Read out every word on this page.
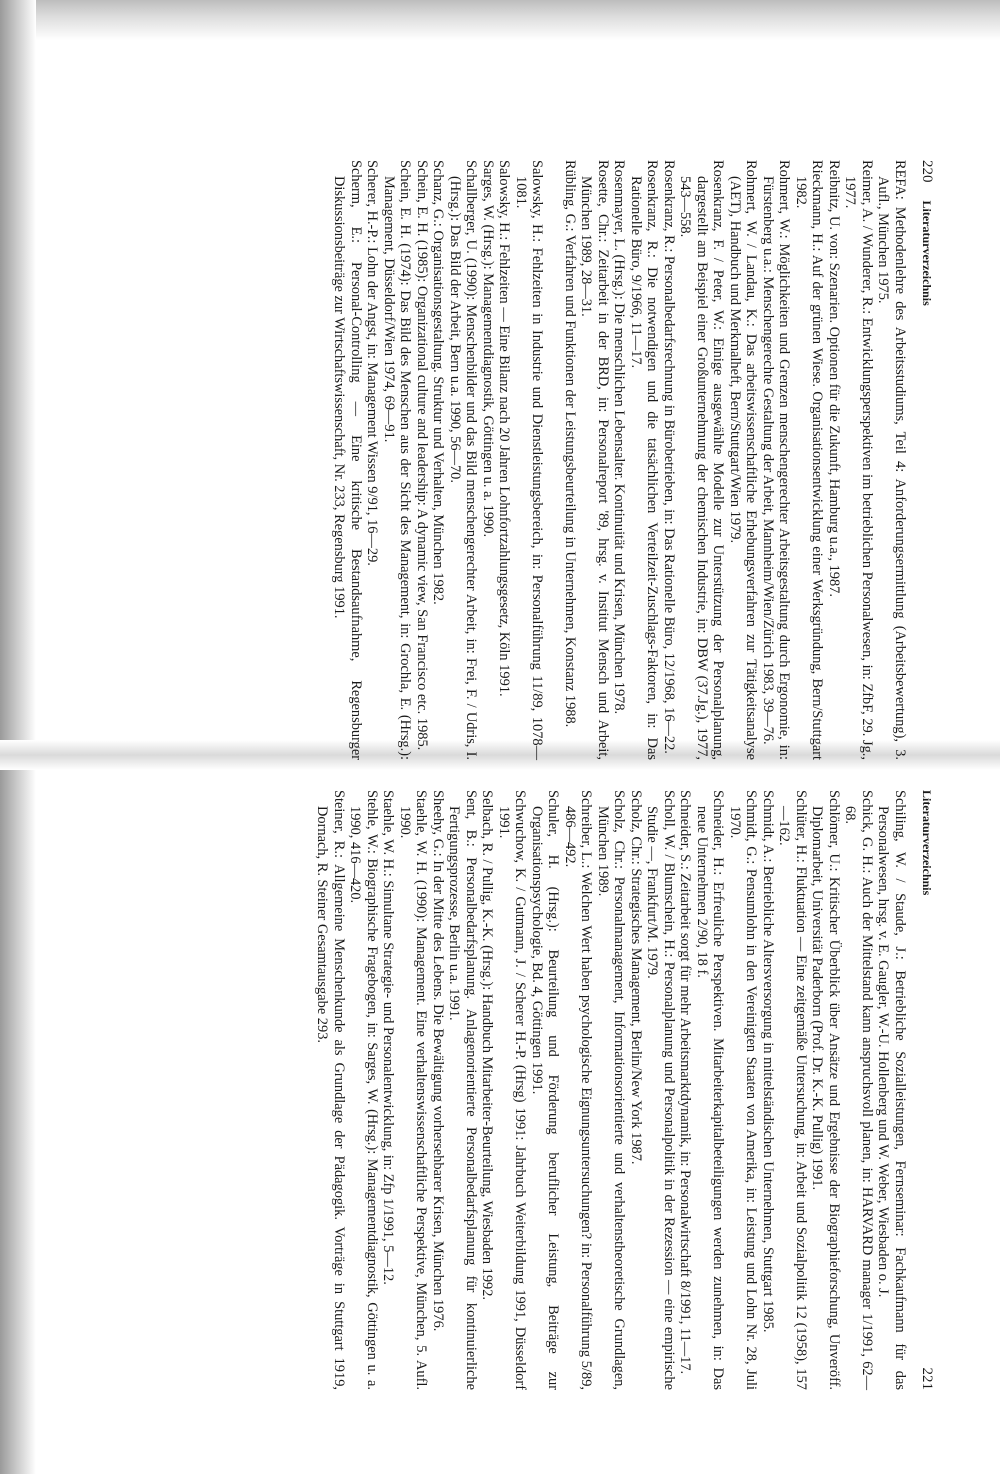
220
Literaturverzeichnis
REFA: Methodenlehre des Arbeitsstudiums, Teil 4: Anforderungsermittlung (Arbeitsbewertung), 3. Aufl., München 1975.
Reimer, A. / Wunderer, R.: Entwicklungsperspektiven im betrieblichen Personalwesen, in: ZfbF, 29. Jg., 1977.
Reibnitz, U. von: Szenarien. Optionen für die Zukunft, Hamburg u.a., 1987.
Rieckmann, H.: Auf der grünen Wiese. Organisationsentwicklung einer Werksgründung, Bern/Stuttgart 1982.
Rohmert, W.: Möglichkeiten und Grenzen menschengerechter Arbeitsgestaltung durch Ergonomie, in: Fürstenberg u.a.: Menschengerechte Gestaltung der Arbeit, Mannheim/Wien/Zürich 1983, 39—76.
Rohmert, W. / Landau, K.: Das arbeitswissenschaftliche Erhebungsverfahren zur Tätigkeitsanalyse (AET), Handbuch und Merkmalheft, Bern/Stuttgart/Wien 1979.
Rosenkranz, F. / Peter, W.: Einige ausgewählte Modelle zur Unterstützung der Personalplanung, dargestellt am Beispiel einer Großunternehmung der chemischen Industrie, in: DBW (37.Jg.), 1977, 543—558.
Rosenkranz, R.: Personalbedarfsrechnung in Bürobetrieben, in: Das Rationelle Büro, 12/1968, 16—22.
Rosenkranz, R.: Die notwendigen und die tatsächlichen Verteilzeit-Zuschlags-Faktoren, in: Das Rationelle Büro, 9/1966, 11—17.
Rosenmayer, L. (Hrsg.): Die menschlichen Lebensalter. Kontinuität und Krisen, München 1978.
Rosette, Chr.: Zeitarbeit in der BRD, in: Personalreport '89, hrsg. v. Institut Mensch und Arbeit, München 1989, 28—31.
Rübling, G.: Verfahren und Funktionen der Leistungsbeurteilung in Unternehmen, Konstanz 1988.
Salowsky, H.: Fehlzeiten in Industrie und Dienstleistungsbereich, in: Personalführung 11/89, 1078—1081.
Salowsky, H.: Fehlzeiten — Eine Bilanz nach 20 Jahren Lohnfortzahlungsgesetz, Köln 1991.
Sarges, W. (Hrsg.): Managementdiagnostik, Göttingen u. a. 1990.
Schallberger, U. (1990): Menschenbilder und das Bild menschengerechter Arbeit, in: Frei, F. / Udris, I. (Hrsg.): Das Bild der Arbeit, Bern u.a. 1990, 56—70.
Schanz, G.: Organisationsgestaltung. Struktur und Verhalten, München 1982.
Schein, E. H. (1985): Organizational culture and leadership: A dynamic view, San Francisco etc. 1985.
Schein, E. H. (1974): Das Bild des Menschen aus der Sicht des Management, in: Grochla, E. (Hrsg.): Management, Düsseldorf/Wien 1974, 69—91.
Scherer, H.-P.: Lohn der Angst, in: Management Wissen 9/91, 16—29.
Scherm, E.: Personal-Controlling — Eine kritische Bestandsaufnahme, Regensburger Diskussionsbeiträge zur Wirtschaftswissenschaft, Nr. 233, Regensburg 1991.
Literaturverzeichnis
221
Schiling, W. / Staude, J.: Betriebliche Sozialleistungen, Fernseminar: Fachkaufmann für das Personalwesen, hrsg. v. E. Gaugler, W.-U. Hollenberg und W. Weber, Wiesbaden o. J.
Schick, G. H.: Auch der Mittelstand kann anspruchsvoll planen, in: HARVARD manager 1/1991, 62—68.
Schlömer, U.: Kritischer Überblick über Ansätze und Ergebnisse der Biographieforschung, Unveröff. Diplomarbeit, Universität Paderborn (Prof. Dr. K.-K. Pullig) 1991.
Schlüter, H.: Fluktuation — Eine zeitgemäße Untersuchung, in: Arbeit und Sozialpolitik 12 (1958), 157—162.
Schmidt, A.: Betriebliche Altersversorgung in mittelständischen Unternehmen, Stuttgart 1985.
Schmidt, G.: Pensumlohn in den Vereinigten Staaten von Amerika, in: Leistung und Lohn Nr. 28, Juli 1970.
Schneider, H.: Erfreuliche Perspektiven. Mitarbeiterkapitalbeteiligungen werden zunehmen, in: Das neue Unternehmen 2/90, 18 f.
Schneider, S.: Zeitarbeit sorgt für mehr Arbeitsmarktdynamik, in: Personalwirtschaft 8/1991, 11—17.
Scholl, W. / Blumschein, H.: Personalplanung und Personalpolitik in der Rezession — eine empirische Studie —, Frankfurt/M. 1979.
Scholz, Chr.: Strategisches Management, Berlin/New York 1987.
Scholz, Chr.: Personalmanagement, Informationsorientierte und verhaltenstheoretische Grundlagen, München 1989.
Schreiber, L.: Welchen Wert haben psychologische Eignungsuntersuchungen? in: Personalführung 5/89, 486—492.
Schuler, H. (Hrsg.): Beurteilung und Förderung beruflicher Leistung, Beiträge zur Organisationspsychologie, Bd. 4, Göttingen 1991.
Schwuchow, K. / Gutmann, J. / Scherer H.-P. (Hrsg) 1991: Jahrbuch Weiterbildung 1991, Düsseldorf 1991.
Selbach, R. / Pullig, K.-K. (Hrsg.): Handbuch Mitarbeiter-Beurteilung, Wiesbaden 1992.
Sent, B.: Personalbedarfsplanung. Anlagenorientierte Personalbedarfsplanung für kontinuierliche Fertigungsprozesse, Berlin u.a. 1991.
Sheehy, G.: In der Mitte des Lebens. Die Bewältigung vorhersehbarer Krisen, München 1976.
Staehle, W. H. (1990): Management. Eine verhaltenswissenschaftliche Perspektive, München, 5. Aufl. 1990.
Staehle, W. H.: Simultane Strategie- und Personalentwicklung, in: Zfp 1/1991, 5—12.
Stehle, W.: Biographische Fragebogen, in: Sarges, W. (Hrsg.): Managementdiagnostik, Göttingen u. a. 1990, 416—420.
Steiner, R.: Allgemeine Menschenkunde als Grundlage der Pädagogik. Vorträge in Stuttgart 1919, Dornach, R. Steiner Gesamtausgabe 293.
